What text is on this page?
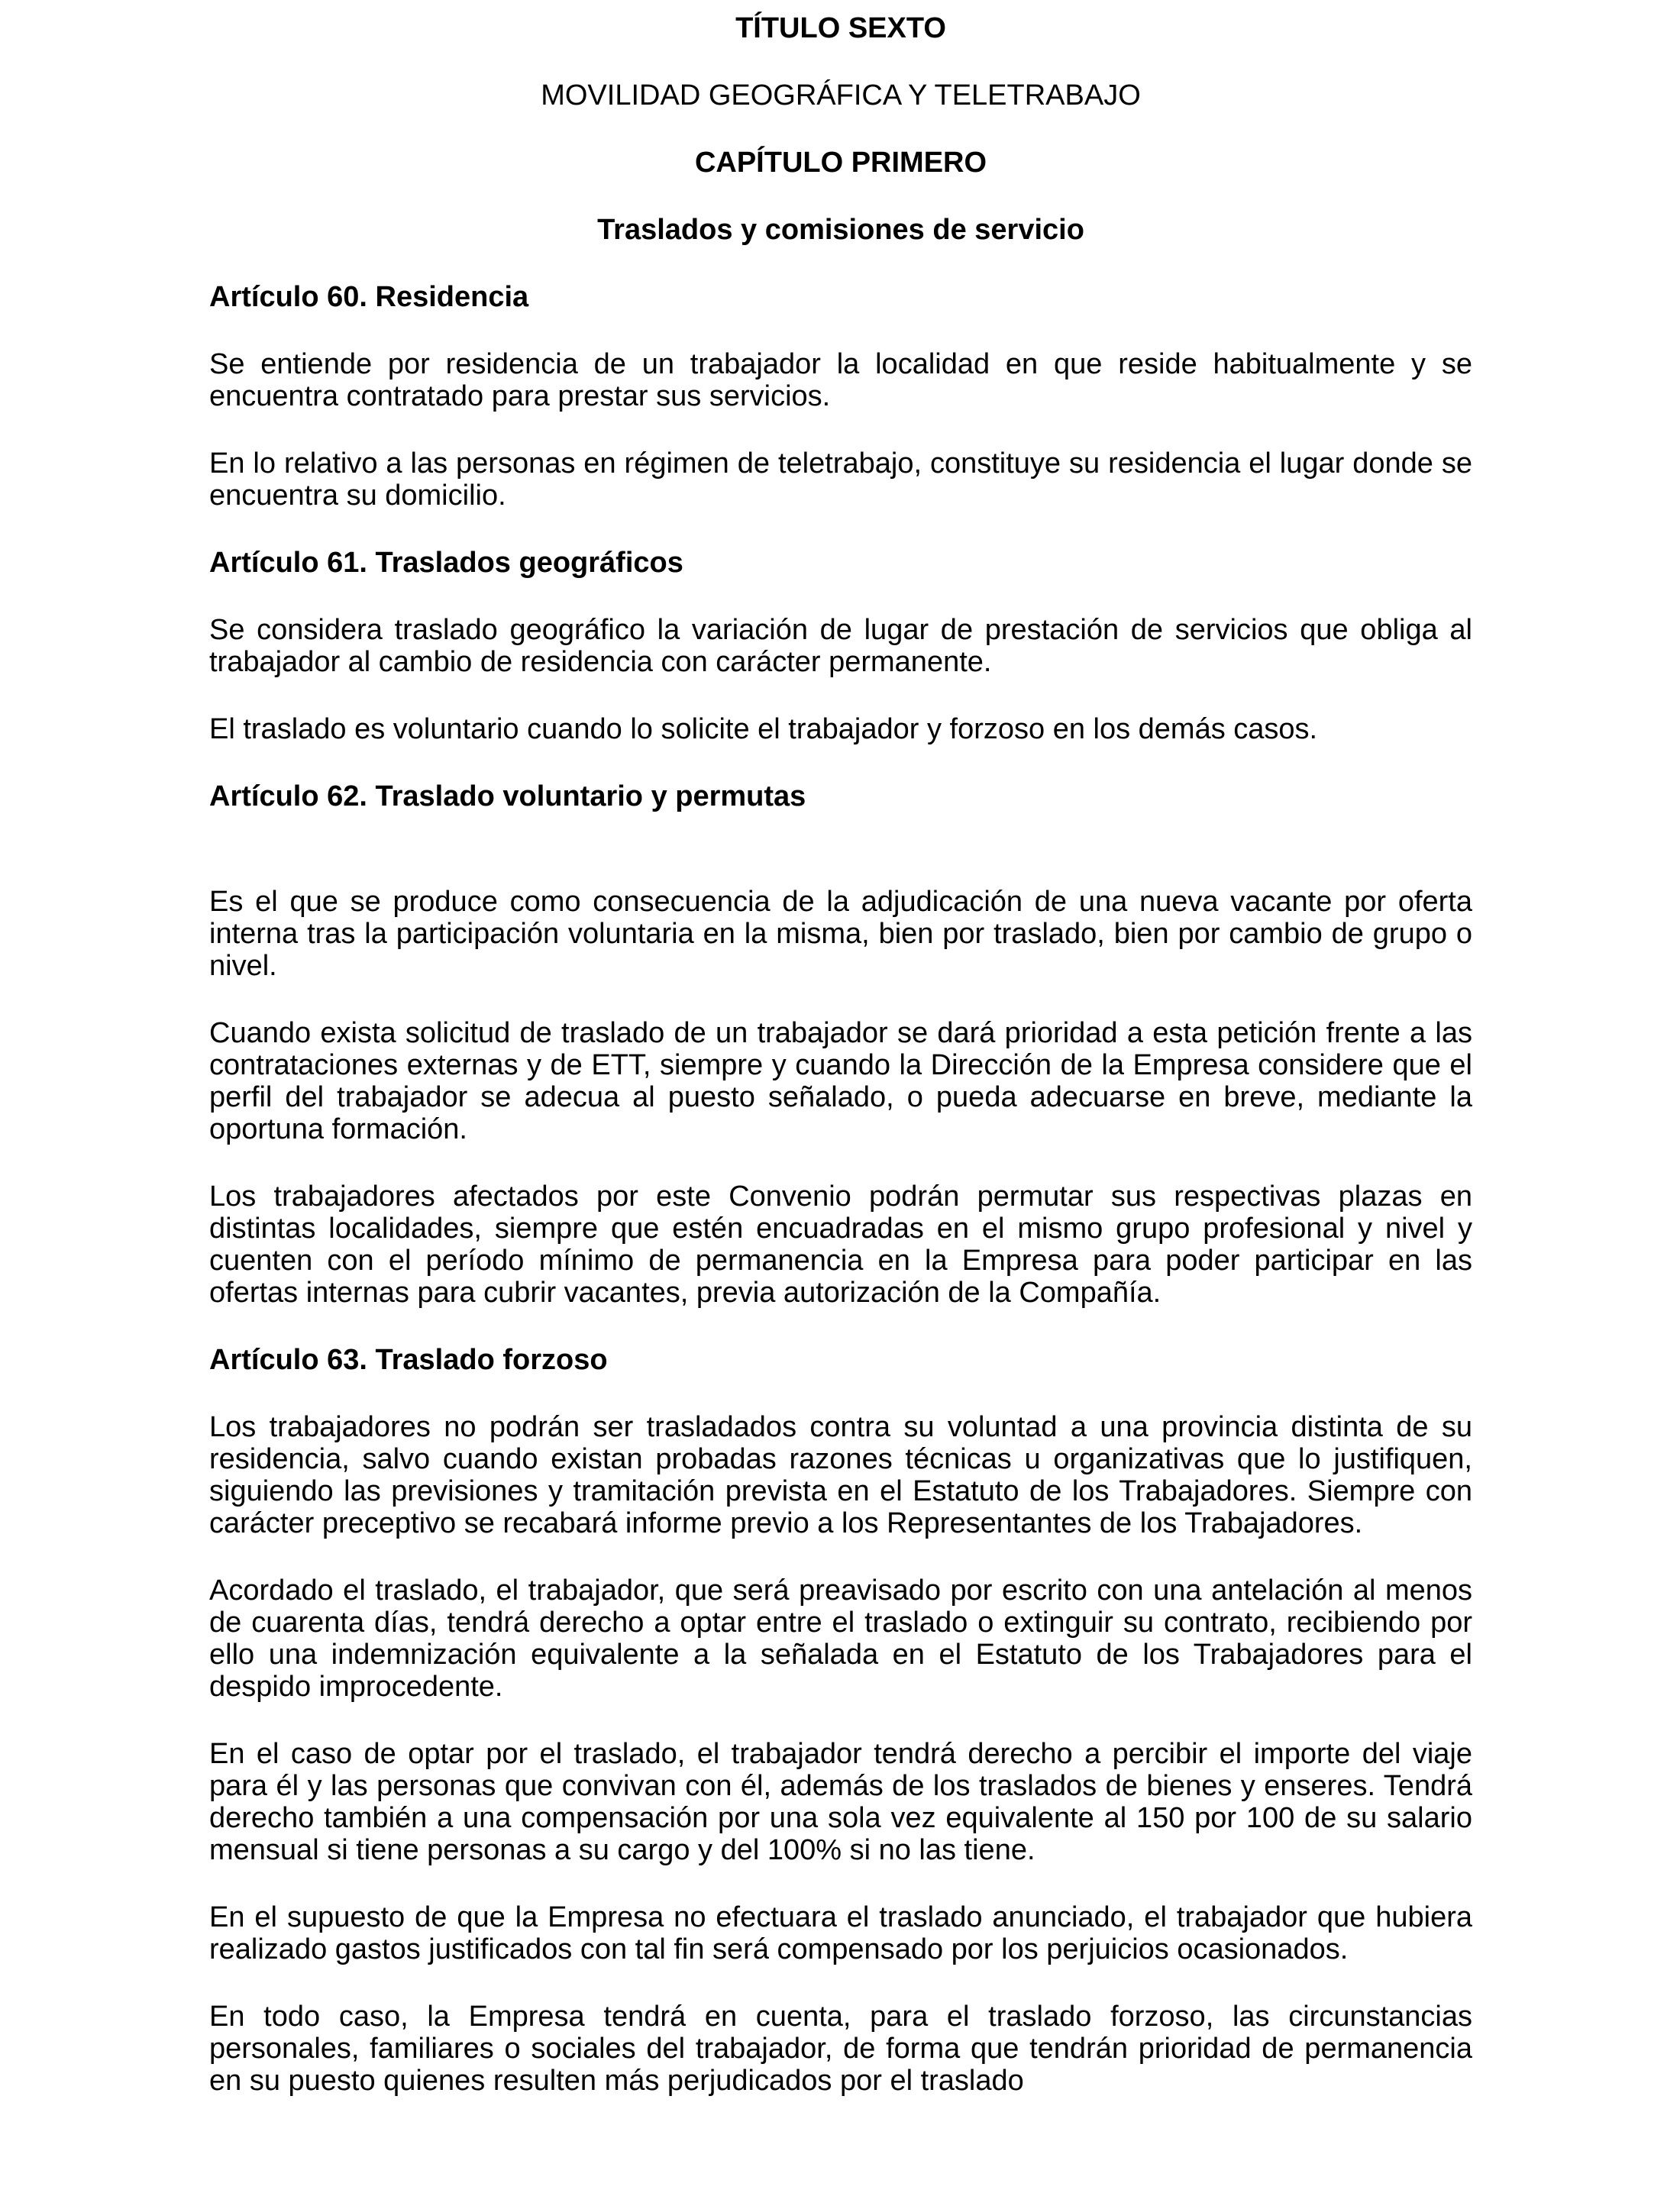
TÍTULO SEXTO

MOVILIDAD GEOGRÁFICA Y TELETRABAJO

CAPÍTULO PRIMERO

Traslados y comisiones de servicio

Artículo 60. Residencia

Se entiende por residencia de un trabajador la localidad en que reside habitualmente y se encuentra contratado para prestar sus servicios.

En lo relativo a las personas en régimen de teletrabajo, constituye su residencia el lugar donde se encuentra su domicilio.

Artículo 61. Traslados geográficos

Se considera traslado geográfico la variación de lugar de prestación de servicios que obliga al trabajador al cambio de residencia con carácter permanente.

El traslado es voluntario cuando lo solicite el trabajador y forzoso en los demás casos.

Artículo 62. Traslado voluntario y permutas

Es el que se produce como consecuencia de la adjudicación de una nueva vacante por oferta interna tras la participación voluntaria en la misma, bien por traslado, bien por cambio de grupo o nivel.

Cuando exista solicitud de traslado de un trabajador se dará prioridad a esta petición frente a las contrataciones externas y de ETT, siempre y cuando la Dirección de la Empresa considere que el perfil del trabajador se adecua al puesto señalado, o pueda adecuarse en breve, mediante la oportuna formación.

Los trabajadores afectados por este Convenio podrán permutar sus respectivas plazas en distintas localidades, siempre que estén encuadradas en el mismo grupo profesional y nivel y cuenten con el período mínimo de permanencia en la Empresa para poder participar en las ofertas internas para cubrir vacantes, previa autorización de la Compañía.

Artículo 63. Traslado forzoso

Los trabajadores no podrán ser trasladados contra su voluntad a una provincia distinta de su residencia, salvo cuando existan probadas razones técnicas u organizativas que lo justifiquen, siguiendo las previsiones y tramitación prevista en el Estatuto de los Trabajadores. Siempre con carácter preceptivo se recabará informe previo a los Representantes de los Trabajadores.

Acordado el traslado, el trabajador, que será preavisado por escrito con una antelación al menos de cuarenta días, tendrá derecho a optar entre el traslado o extinguir su contrato, recibiendo por ello una indemnización equivalente a la señalada en el Estatuto de los Trabajadores para el despido improcedente.

En el caso de optar por el traslado, el trabajador tendrá derecho a percibir el importe del viaje para él y las personas que convivan con él, además de los traslados de bienes y enseres. Tendrá derecho también a una compensación por una sola vez equivalente al 150 por 100 de su salario mensual si tiene personas a su cargo y del 100% si no las tiene.

En el supuesto de que la Empresa no efectuara el traslado anunciado, el trabajador que hubiera realizado gastos justificados con tal fin será compensado por los perjuicios ocasionados.

En todo caso, la Empresa tendrá en cuenta, para el traslado forzoso, las circunstancias personales, familiares o sociales del trabajador, de forma que tendrán prioridad de permanencia en su puesto quienes resulten más perjudicados por el traslado
